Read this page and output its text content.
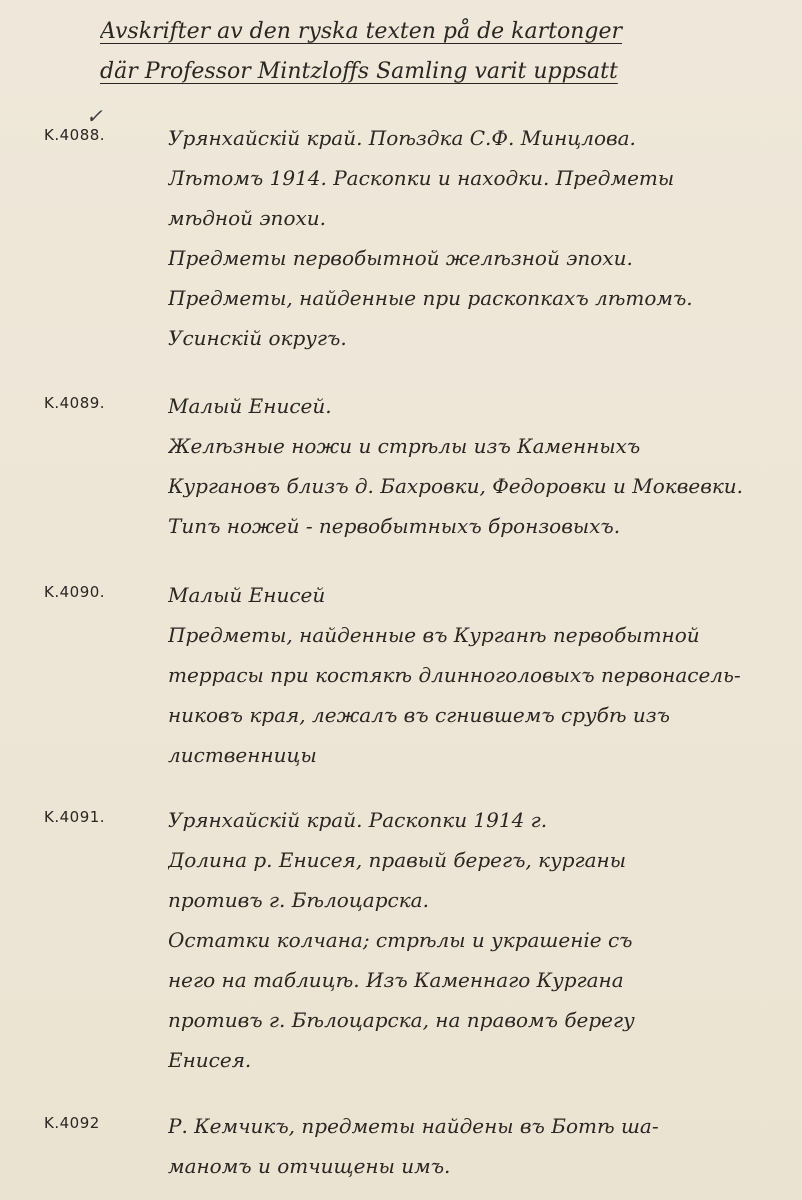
Avskrifter av den ryska texten på de kartonger
där Professor Mintzloffs Samling varit uppsatt
✓
K.4088.	Урянхайскій край. Поѣздка С.Ф. Минцлова.
Лѣтомъ 1914. Раскопки и находки. Предметы
мѣдной эпохи.
Предметы первобытной желѣзной эпохи.
Предметы, найденные при раскопкахъ лѣтомъ.
Усинскій округъ.
K.4089.	Малый Енисей.
Желѣзные ножи и стрѣлы изъ Каменныхъ
Кургановъ близъ д. Бахровки, Федоровки и Моквевки.
Типъ ножей - первобытныхъ бронзовыхъ.
K.4090.	Малый Енисей
Предметы, найденные въ Курганѣ первобытной
террасы при костякѣ длинноголовыхъ первонасель-
никовъ края, лежалъ въ сгнившемъ срубѣ изъ
лиственницы
K.4091.	Урянхайскій край. Раскопки 1914 г.
Долина р. Енисея, правый берегъ, курганы
противъ г. Бѣлоцарска.
Остатки колчана; стрѣлы и украшеніе съ
него на таблицѣ. Изъ Каменнаго Кургана
противъ г. Бѣлоцарска, на правомъ берегу
Енисея.
K.4092	Р. Кемчикъ, предметы найдены въ Ботѣ ша-
маномъ и отчищены имъ.
